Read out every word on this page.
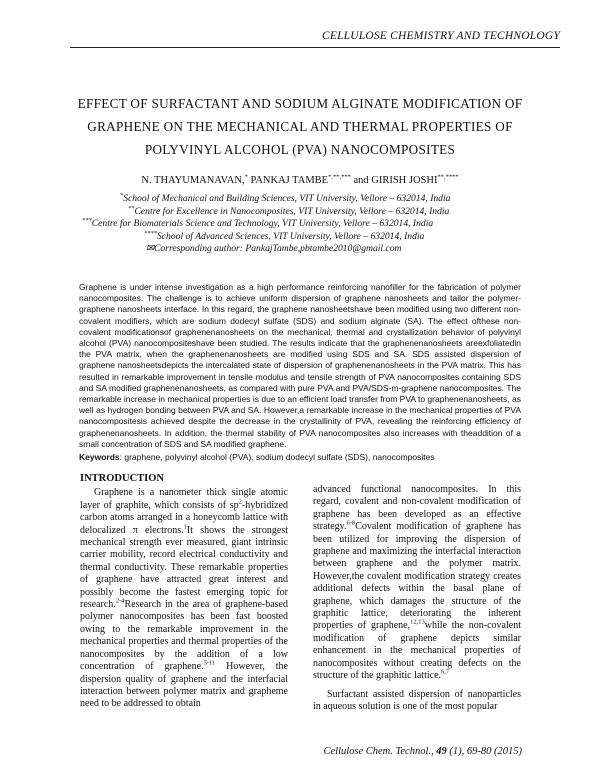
CELLULOSE CHEMISTRY AND TECHNOLOGY
EFFECT OF SURFACTANT AND SODIUM ALGINATE MODIFICATION OF GRAPHENE ON THE MECHANICAL AND THERMAL PROPERTIES OF POLYVINYL ALCOHOL (PVA) NANOCOMPOSITES
N. THAYUMANAVAN,* PANKAJ TAMBE*,**,*** and GIRISH JOSHI**,****
*School of Mechanical and Building Sciences, VIT University, Vellore – 632014, India
**Centre for Excellence in Nanocomposites, VIT University, Vellore – 632014, India
***Centre for Biomaterials Science and Technology, VIT University, Vellore – 632014, India
****School of Advanced Sciences, VIT University, Vellore – 632014, India
✉Corresponding author: PankajTambe,pbtambe2010@gmail.com
Graphene is under intense investigation as a high performance reinforcing nanofiller for the fabrication of polymer nanocomposites. The challenge is to achieve uniform dispersion of graphene nanosheets and tailor the polymer-graphene nanosheets interface. In this regard, the graphene nanosheetshave been modified using two different non-covalent modifiers, which are sodium dodecyl sulfate (SDS) and sodium alginate (SA). The effect ofthese non-covalent modificationsof graphenenanosheets on the mechanical, thermal and crystallization behavior of polyvinyl alcohol (PVA) nanocompositeshave been studied. The results indicate that the graphenenanosheets areexfoliatedin the PVA matrix, when the graphenenanosheets are modified using SDS and SA. SDS assisted dispersion of graphene nanosheetsdepicts the intercalated state of dispersion of graphenenanosheets in the PVA matrix. This has resulted in remarkable improvement in tensile modulus and tensile strength of PVA nanocomposites containing SDS and SA modified graphenenanosheets, as compared with pure PVA and PVA/SDS-m-graphene nanocomposites. The remarkable increase in mechanical properties is due to an efficient load transfer from PVA to graphenenanosheets, as well as hydrogen bonding between PVA and SA. However,a remarkable increase in the mechanical properties of PVA nanocompositesis achieved despite the decrease in the crystallinity of PVA, revealing the reinforcing efficiency of graphenenanosheets. In addition, the thermal stability of PVA nanocomposites also increases with theaddition of a small concentration of SDS and SA modified graphene.
Keywords: graphene, polyvinyl alcohol (PVA), sodium dodecyl sulfate (SDS), nanocomposites
INTRODUCTION

Graphene is a nanometer thick single atomic layer of graphite, which consists of $sp^2$-hybridized carbon atoms arranged in a honeycomb lattice with delocalized π electrons.$^1$It shows the strongest mechanical strength ever measured, giant intrinsic carrier mobility, record electrical conductivity and thermal conductivity. These remarkable properties of graphene have attracted great interest and possibly become the fastest emerging topic for research.$^{2-4}$Research in the area of graphene-based polymer nanocomposites has been fast boosted owing to the remarkable improvement in the mechanical properties and thermal properties of the nanocomposites by the addition of a low concentration of graphene.$^{5-11}$ However, the dispersion quality of graphene and the interfacial interaction between polymer matrix and grapheme need to be addressed to obtain

advanced functional nanocomposites. In this regard, covalent and non-covalent modification of graphene has been developed as an effective strategy.$^{6-8}$Covalent modification of graphene has been utilized for improving the dispersion of graphene and maximizing the interfacial interaction between graphene and the polymer matrix. However,the covalent modification strategy creates additional defects within the basal plane of graphene, which damages the structure of the graphitic lattice, deteriorating the inherent properties of graphene,$^{12,13}$while the non-covalent modification of graphene depicts similar enhancement in the mechanical properties of nanocomposites without creating defects on the structure of the graphitic lattice.$^{6,7}$

Surfactant assisted dispersion of nanoparticles in aqueous solution is one of the most popular

Cellulose Chem. Technol., 49 (1), 69-80 (2015)
